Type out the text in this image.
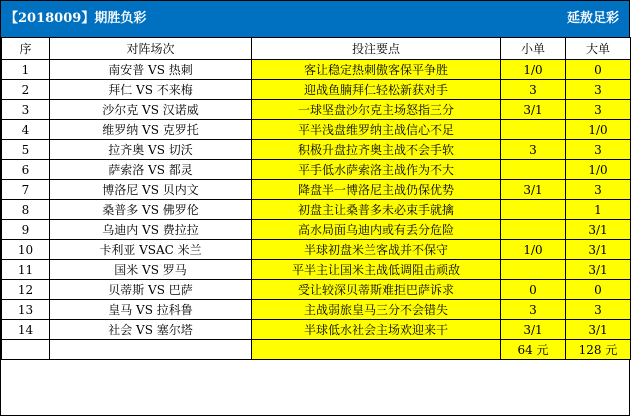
【2018009】期胜负彩	延敖足彩
序	对阵场次	投注要点	小单	大单
1	南安普 VS 热刺	客让稳定热刺傲客保平争胜	1/0	0
2	拜仁 VS 不来梅	迎战鱼腩拜仁轻松新获对手	3	3
3	沙尔克 VS 汉诺威	一球坚盘沙尔克主场怒指三分	3/1	3
4	维罗纳 VS 克罗托	平半浅盘维罗纳主战信心不足		1/0
5	拉齐奥 VS 切沃	积极升盘拉齐奥主战不会手软	3	3
6	萨索洛 VS 都灵	平手低水萨索洛主战作为不大		1/0
7	博洛尼 VS 贝内文	降盘半一博洛尼主战仍保优势	3/1	3
8	桑普多 VS 佛罗伦	初盘主让桑普多未必束手就擒		1
9	乌迪内 VS 费拉拉	高水局面乌迪内或有丢分危险		3/1
10	卡利亚 VSAC 米兰	半球初盘米兰客战并不保守	1/0	3/1
11	国米 VS 罗马	平半主让国米主战低调阻击顽敌		3/1
12	贝蒂斯 VS 巴萨	受让较深贝蒂斯难拒巴萨诉求	0	0
13	皇马 VS 拉科鲁	主战弱旅皇马三分不会错失	3	3
14	社会 VS 塞尔塔	半球低水社会主场欢迎来干	3/1	3/1
			64 元	128 元
